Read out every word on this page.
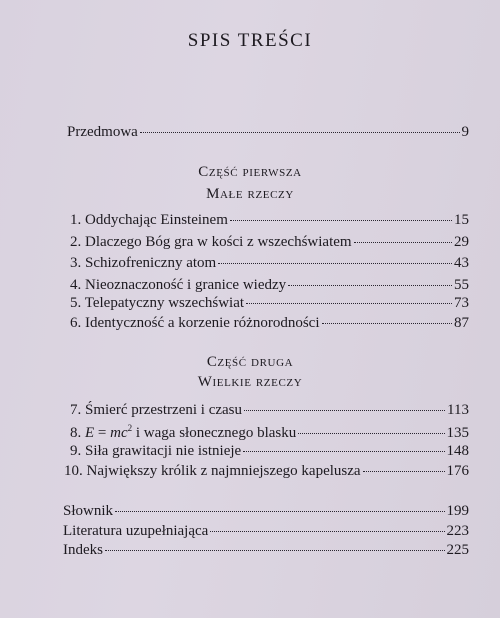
SPIS TREŚCI
Przedmowa	9
Część pierwsza
Małe rzeczy
1. Oddychając Einsteinem	15
2. Dlaczego Bóg gra w kości z wszechświatem	29
3. Schizofreniczny atom	43
4. Nieoznaczoność i granice wiedzy	55
5. Telepatyczny wszechświat	73
6. Identyczność a korzenie różnorodności	87
Część druga
Wielkie rzeczy
7. Śmierć przestrzeni i czasu	113
8. $E = mc^2$ i waga słonecznego blasku	135
9. Siła grawitacji nie istnieje	148
10. Największy królik z najmniejszego kapelusza	176
Słownik	199
Literatura uzupełniająca	223
Indeks	225
